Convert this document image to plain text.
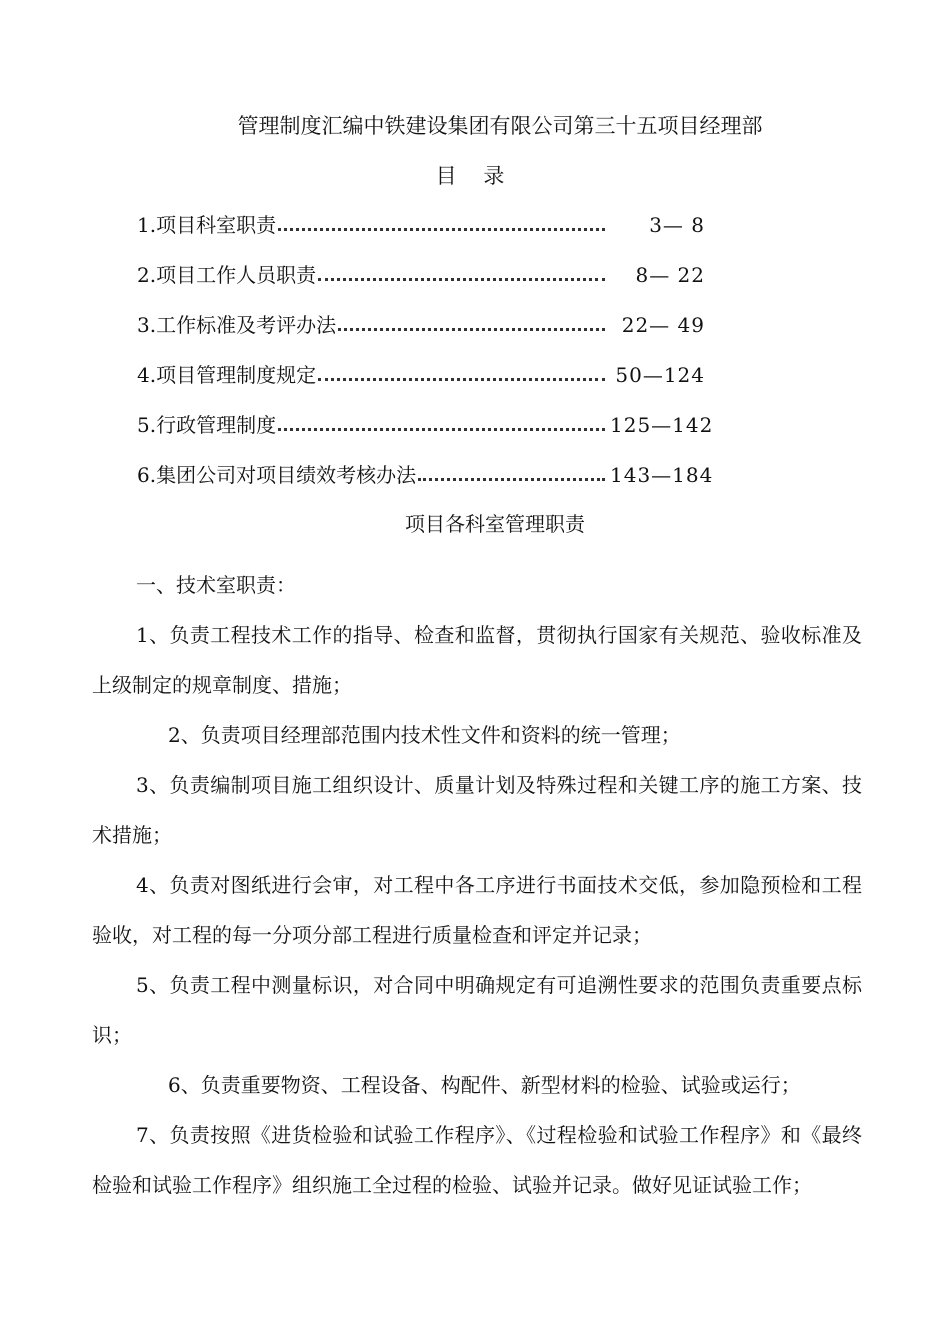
管理制度汇编中铁建设集团有限公司第三十五项目经理部
目 录
1.项目科室职责	3— 8
2.项目工作人员职责	8— 22
3.工作标准及考评办法	22— 49
4.项目管理制度规定	50—124
5.行政管理制度	125—142
6.集团公司对项目绩效考核办法	143—184
项目各科室管理职责

一、技术室职责：

1、负责工程技术工作的指导、检查和监督，贯彻执行国家有关规范、验收标准及上级制定的规章制度、措施；

2、负责项目经理部范围内技术性文件和资料的统一管理；

3、负责编制项目施工组织设计、质量计划及特殊过程和关键工序的施工方案、技术措施；

4、负责对图纸进行会审，对工程中各工序进行书面技术交低，参加隐预检和工程验收，对工程的每一分项分部工程进行质量检查和评定并记录；

5、负责工程中测量标识，对合同中明确规定有可追溯性要求的范围负责重要点标识；

6、负责重要物资、工程设备、构配件、新型材料的检验、试验或运行；

7、负责按照《进货检验和试验工作程序》、《过程检验和试验工作程序》和《最终检验和试验工作程序》组织施工全过程的检验、试验并记录。做好见证试验工作；
